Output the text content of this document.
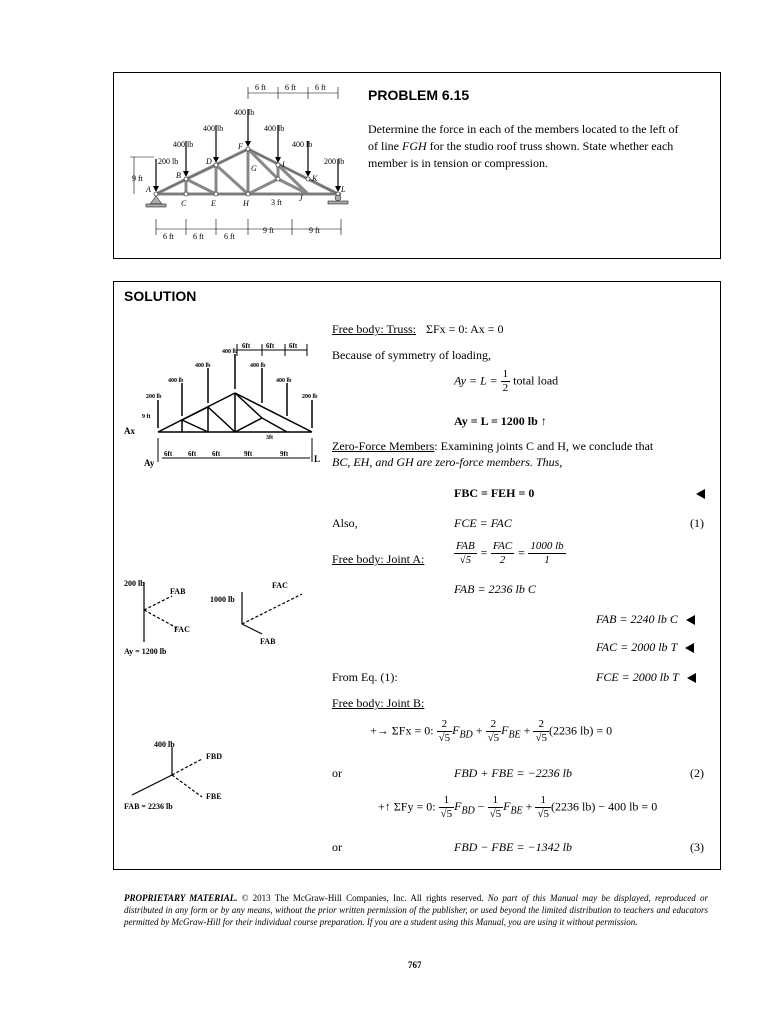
6 ft 6 ft 6 ft
200 lb
400 lb
400 lb
400 lb
400 lb
400 lb
200 lb
9 ft
A
B
C
D
E
F
G
H
I
J
K
L
3 ft
6 ft 6 ft	6 ft
9 ft	9 ft
PROBLEM 6.15
Determine the force in each of the members located to the left of
of line FGH for the studio roof truss shown. State whether each
member is in tension or compression.
SOLUTION
6ft 6ft 6ft
200 lb
400 lb
400 lb
400 lb
400 lb
400 lb
200 lb
9 ft
3ft
Ax
Ay	L
6ft 6ft 6ft	9ft	9ft
200 lb
FAB
FAC
Ay = 1200 lb
1000 lb
FAC
FAB
400 lb
FBD
FBE
FAB = 2236 lb
Free body: Truss: ΣFx = 0: Ax = 0
Because of symmetry of loading,
$Ay = L = \frac{1}{2}$ total load
Ay = L = 1200 lb ↑
Zero-Force Members: Examining joints C and H, we conclude that
BC, EH, and GH are zero-force members. Thus,
FBC = FEH = 0
Also,	FCE = FAC	(1)
Free body: Joint A:	$\frac{\text{FAB}}{√5} = \frac{\text{FAC}}{2} = \frac{1000 lb}{1}$
FAB = 2236 lb C
FAB = 2240 lb C
FAC = 2000 lb T
From Eq. (1):	FCE = 2000 lb T
Free body: Joint B:
+→ ΣFx = 0: $\frac{2}{√5} F_{BD} + \frac{2}{√5} F_{BE} + \frac{2}{√5} (2236$ lb) = 0
or	FBD + FBE = −2236 lb	(2)
+↑ ΣFy = 0: $\frac{1}{√5} F_{BD} - \frac{1}{√5} F_{BE} + \frac{1}{√5} (2236$ lb) − 400 lb = 0
or	FBD − FBE = −1342 lb	(3)
PROPRIETARY MATERIAL. © 2013 The McGraw-Hill Companies, Inc. All rights reserved. No part of this Manual may be displayed, reproduced or distributed in any form or by any means, without the prior written permission of the publisher, or used beyond the limited distribution to teachers and educators permitted by McGraw-Hill for their individual course preparation. If you are a student using this Manual, you are using it without permission.
767
